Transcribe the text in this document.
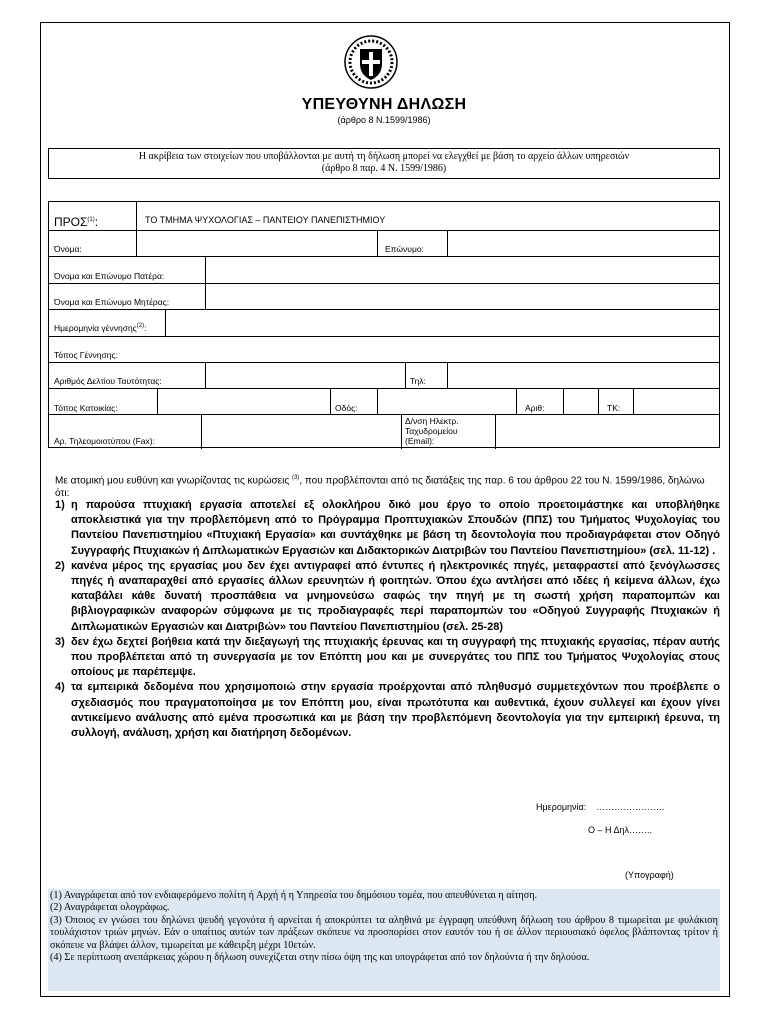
ΥΠΕΥΘΥΝΗ ΔΗΛΩΣΗ
(άρθρο 8 Ν.1599/1986)
Η ακρίβεια των στοιχείων που υποβάλλονται με αυτή τη δήλωση μπορεί να ελεγχθεί με βάση το αρχείο άλλων υπηρεσιών
(άρθρο 8 παρ. 4 Ν. 1599/1986)
ΠΡΟΣ$^{(1)}$:	ΤΟ ΤΜΗΜΑ ΨΥΧΟΛΟΓΙΑΣ – ΠΑΝΤΕΙΟΥ ΠΑΝΕΠΙΣΤΗΜΙΟΥ
Όνομα:	Επώνυμο:
Όνομα και Επώνυμο Πατέρα:
Όνομα και Επώνυμο Μητέρας:
Ημερομηνία γέννησης$^{(2)}$:
Τόπος Γέννησης:
Αριθμός Δελτίου Ταυτότητας:	Τηλ:
Τόπος Κατοικίας:	Οδός:	Αριθ:	ΤΚ:
Αρ. Τηλεομοιοτύπου (Fax):
Δ/νση Ηλεκτρ.
Ταχυδρομείου
(Email):
Με ατομική μου ευθύνη και γνωρίζοντας τις κυρώσεις $^{(3)}$, που προβλέπονται από τις διατάξεις της παρ. 6 του άρθρου 22 του Ν. 1599/1986, δηλώνω ότι:
1) η παρούσα πτυχιακή εργασία αποτελεί εξ ολοκλήρου δικό μου έργο το οποίο προετοιμάστηκε και υποβλήθηκε αποκλειστικά για την προβλεπόμενη από το Πρόγραμμα Προπτυχιακών Σπουδών (ΠΠΣ) του Τμήματος Ψυχολογίας του Παντείου Πανεπιστημίου «Πτυχιακή Εργασία» και συντάχθηκε με βάση τη δεοντολογία που προδιαγράφεται στον Οδηγό Συγγραφής Πτυχιακών ή Διπλωματικών Εργασιών και Διδακτορικών Διατριβών του Παντείου Πανεπιστημίου» (σελ. 11-12) .
2) κανένα μέρος της εργασίας μου δεν έχει αντιγραφεί από έντυπες ή ηλεκτρονικές πηγές, μεταφραστεί από ξενόγλωσσες πηγές ή αναπαραχθεί από εργασίες άλλων ερευνητών ή φοιτητών. Όπου έχω αντλήσει από ιδέες ή κείμενα άλλων, έχω καταβάλει κάθε δυνατή προσπάθεια να μνημονεύσω σαφώς την πηγή με τη σωστή χρήση παραπομπών και βιβλιογραφικών αναφορών σύμφωνα με τις προδιαγραφές περί παραπομπών του «Οδηγού Συγγραφής Πτυχιακών ή Διπλωματικών Εργασιών και Διατριβών» του Παντείου Πανεπιστημίου (σελ. 25-28)
3) δεν έχω δεχτεί βοήθεια κατά την διεξαγωγή της πτυχιακής έρευνας και τη συγγραφή της πτυχιακής εργασίας, πέραν αυτής που προβλέπεται από τη συνεργασία με τον Επόπτη μου και με συνεργάτες του ΠΠΣ του Τμήματος Ψυχολογίας στους οποίους με παρέπεμψε.
4) τα εμπειρικά δεδομένα που χρησιμοποιώ στην εργασία προέρχονται από πληθυσμό συμμετεχόντων που προέβλεπε ο σχεδιασμός που πραγματοποίησα με τον Επόπτη μου, είναι πρωτότυπα και αυθεντικά, έχουν συλλεγεί και έχουν γίνει αντικείμενο ανάλυσης από εμένα προσωπικά και με βάση την προβλεπόμενη δεοντολογία για την εμπειρική έρευνα, τη συλλογή, ανάλυση, χρήση και διατήρηση δεδομένων.
Ημερομηνία: …………………..
Ο – Η Δηλ……..
(Υπογραφή)

(1) Αναγράφεται από τον ενδιαφερόμενο πολίτη ή Αρχή ή η Υπηρεσία του δημόσιου τομέα, που απευθύνεται η αίτηση.

(2) Αναγράφεται ολογράφως.

(3) Όποιος εν γνώσει του δηλώνει ψευδή γεγονότα ή αρνείται ή αποκρύπτει τα αληθινά με έγγραφη υπεύθυνη δήλωση του άρθρου 8 τιμωρείται με φυλάκιση τουλάχιστον τριών μηνών. Εάν ο υπαίτιος αυτών των πράξεων σκόπευε να προσπορίσει στον εαυτόν του ή σε άλλον περιουσιακό όφελος βλάπτοντας τρίτον ή σκόπευε να βλάψει άλλον, τιμωρείται με κάθειρξη μέχρι 10ετών.

(4) Σε περίπτωση ανεπάρκειας χώρου η δήλωση συνεχίζεται στην πίσω όψη της και υπογράφεται από τον δηλούντα ή την δηλούσα.
